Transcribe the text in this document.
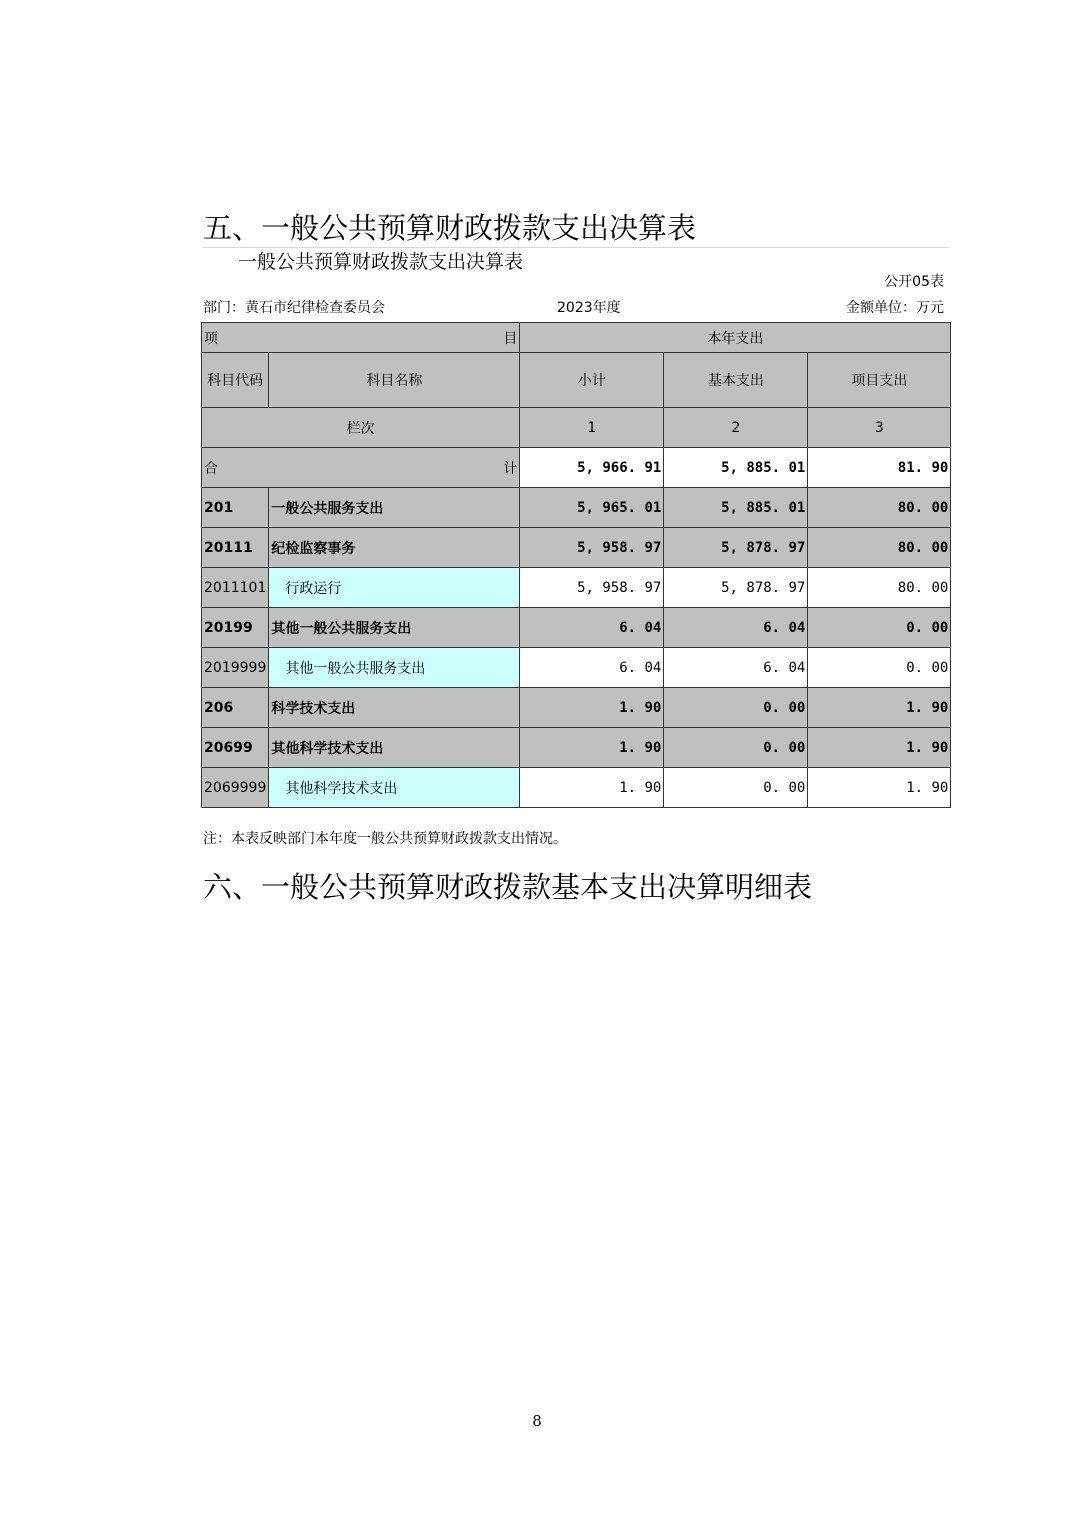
五、一般公共预算财政拨款支出决算表
一般公共预算财政拨款支出决算表
公开05表
部门：黄石市纪律检查委员会	2023年度	金额单位：万元
项 目		本年支出		
科目代码	科目名称	小计	基本支出	项目支出
栏次		1	2	3

合 计		5, 966. 91	5, 885. 01	81. 90
201	一般公共服务支出	5, 965. 01	5, 885. 01	80. 00
20111	纪检监察事务	5, 958. 97	5, 878. 97	80. 00
2011101	行政运行	5, 958. 97	5, 878. 97	80. 00
20199	其他一般公共服务支出	6. 04	6. 04	0. 00
2019999	其他一般公共服务支出	6. 04	6. 04	0. 00
206	科学技术支出	1. 90	0. 00	1. 90
20699	其他科学技术支出	1. 90	0. 00	1. 90
2069999	其他科学技术支出	1. 90	0. 00	1. 90
注：本表反映部门本年度一般公共预算财政拨款支出情况。
六、一般公共预算财政拨款基本支出决算明细表
8
